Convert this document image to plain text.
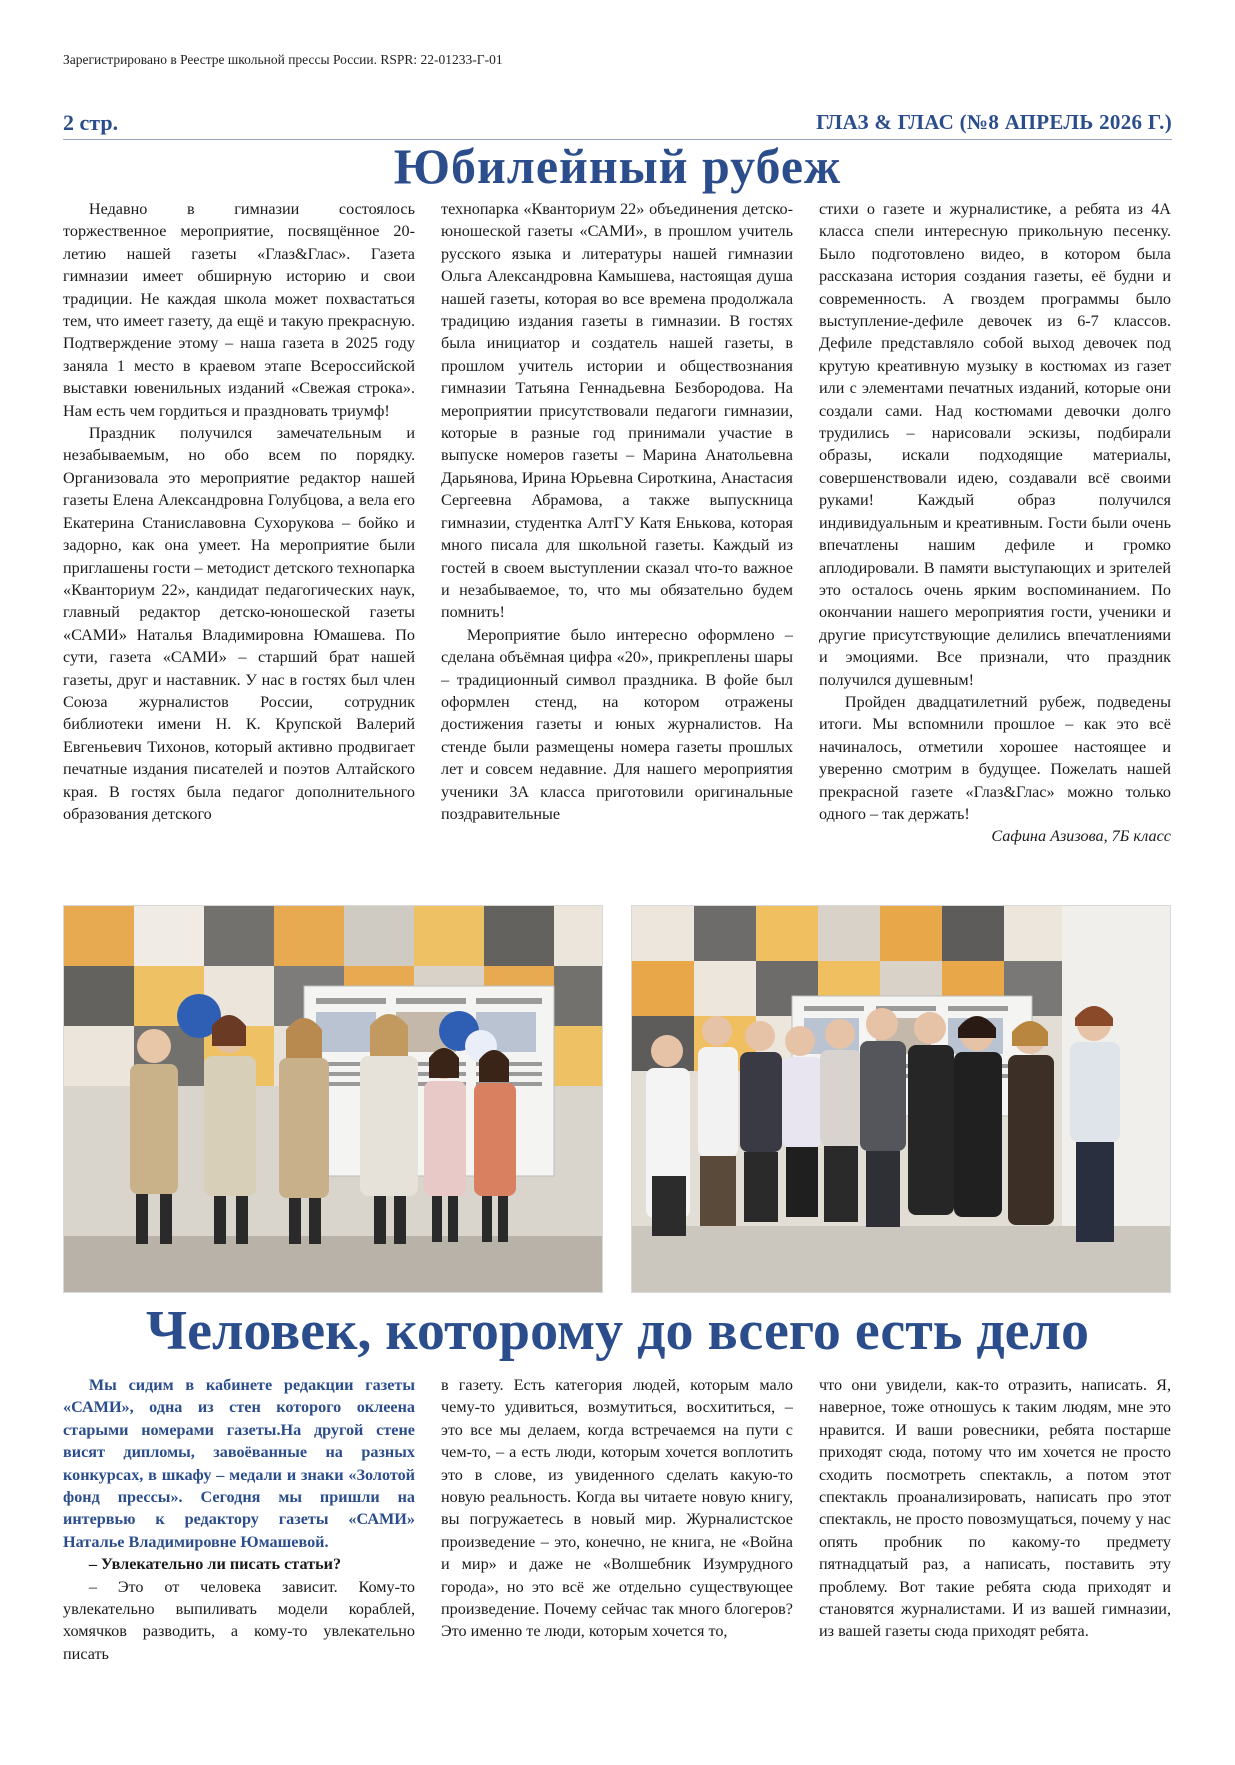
Зарегистрировано в Реестре школьной прессы России. RSPR: 22-01233-Г-01
2 стр.	ГЛАЗ & ГЛАС (№8 АПРЕЛЬ 2026 Г.)
Юбилейный рубеж

Недавно в гимназии состоялось торжественное мероприятие, посвящённое 20-летию нашей газеты «Глаз&Глас». Газета гимназии имеет обширную историю и свои традиции. Не каждая школа может похвастаться тем, что имеет газету, да ещё и такую прекрасную. Подтверждение этому – наша газета в 2025 году заняла 1 место в краевом этапе Всероссийской выставки ювенильных изданий «Свежая строка». Нам есть чем гордиться и праздновать триумф!

Праздник получился замечательным и незабываемым, но обо всем по порядку. Организовала это мероприятие редактор нашей газеты Елена Александровна Голубцова, а вела его Екатерина Станиславовна Сухорукова – бойко и задорно, как она умеет. На мероприятие были приглашены гости – методист детского технопарка «Кванториум 22», кандидат педагогических наук, главный редактор детско-юношеской газеты «САМИ» Наталья Владимировна Юмашева. По сути, газета «САМИ» – старший брат нашей газеты, друг и наставник. У нас в гостях был член Союза журналистов России, сотрудник библиотеки имени Н. К. Крупской Валерий Евгеньевич Тихонов, который активно продвигает печатные издания писателей и поэтов Алтайского края. В гостях была педагог дополнительного образования детского

технопарка «Кванториум 22» объединения детско-юношеской газеты «САМИ», в прошлом учитель русского языка и литературы нашей гимназии Ольга Александровна Камышева, настоящая душа нашей газеты, которая во все времена продолжала традицию издания газеты в гимназии. В гостях была инициатор и создатель нашей газеты, в прошлом учитель истории и обществознания гимназии Татьяна Геннадьевна Безбородова. На мероприятии присутствовали педагоги гимназии, которые в разные год принимали участие в выпуске номеров газеты – Марина Анатольевна Дарьянова, Ирина Юрьевна Сироткина, Анастасия Сергеевна Абрамова, а также выпускница гимназии, студентка АлтГУ Катя Енькова, которая много писала для школьной газеты. Каждый из гостей в своем выступлении сказал что-то важное и незабываемое, то, что мы обязательно будем помнить!

Мероприятие было интересно оформлено – сделана объёмная цифра «20», прикреплены шары – традиционный символ праздника. В фойе был оформлен стенд, на котором отражены достижения газеты и юных журналистов. На стенде были размещены номера газеты прошлых лет и совсем недавние. Для нашего мероприятия ученики 3А класса приготовили оригинальные поздравительные

стихи о газете и журналистике, а ребята из 4А класса спели интересную прикольную песенку. Было подготовлено видео, в котором была рассказана история создания газеты, её будни и современность. А гвоздем программы было выступление-дефиле девочек из 6-7 классов. Дефиле представляло собой выход девочек под крутую креативную музыку в костюмах из газет или с элементами печатных изданий, которые они создали сами. Над костюмами девочки долго трудились – нарисовали эскизы, подбирали образы, искали подходящие материалы, совершенствовали идею, создавали всё своими руками! Каждый образ получился индивидуальным и креативным. Гости были очень впечатлены нашим дефиле и громко аплодировали. В памяти выступающих и зрителей это осталось очень ярким воспоминанием. По окончании нашего мероприятия гости, ученики и другие присутствующие делились впечатлениями и эмоциями. Все признали, что праздник получился душевным!

Пройден двадцатилетний рубеж, подведены итоги. Мы вспомнили прошлое – как это всё начиналось, отметили хорошее настоящее и уверенно смотрим в будущее. Пожелать нашей прекрасной газете «Глаз&Глас» можно только одного – так держать!

Сафина Азизова, 7Б класс

Человек, которому до всего есть дело

Мы сидим в кабинете редакции газеты «САМИ», одна из стен которого оклеена старыми номерами газеты.На другой стене висят дипломы, завоёванные на разных конкурсах, в шкафу – медали и знаки «Золотой фонд прессы». Сегодня мы пришли на интервью к редактору газеты «САМИ» Наталье Владимировне Юмашевой.

– Увлекательно ли писать статьи?

– Это от человека зависит. Кому-то увлекательно выпиливать модели кораблей, хомячков разводить, а кому-то увлекательно писать

в газету. Есть категория людей, которым мало чему-то удивиться, возмутиться, восхититься, – это все мы делаем, когда встречаемся на пути с чем-то, – а есть люди, которым хочется воплотить это в слове, из увиденного сделать какую-то новую реальность. Когда вы читаете новую книгу, вы погружаетесь в новый мир. Журналистское произведение – это, конечно, не книга, не «Война и мир» и даже не «Волшебник Изумрудного города», но это всё же отдельно существующее произведение. Почему сейчас так много блогеров? Это именно те люди, которым хочется то,

что они увидели, как-то отразить, написать. Я, наверное, тоже отношусь к таким людям, мне это нравится. И ваши ровесники, ребята постарше приходят сюда, потому что им хочется не просто сходить посмотреть спектакль, а потом этот спектакль проанализировать, написать про этот спектакль, не просто повозмущаться, почему у нас опять пробник по какому-то предмету пятнадцатый раз, а написать, поставить эту проблему. Вот такие ребята сюда приходят и становятся журналистами. И из вашей гимназии, из вашей газеты сюда приходят ребята.
